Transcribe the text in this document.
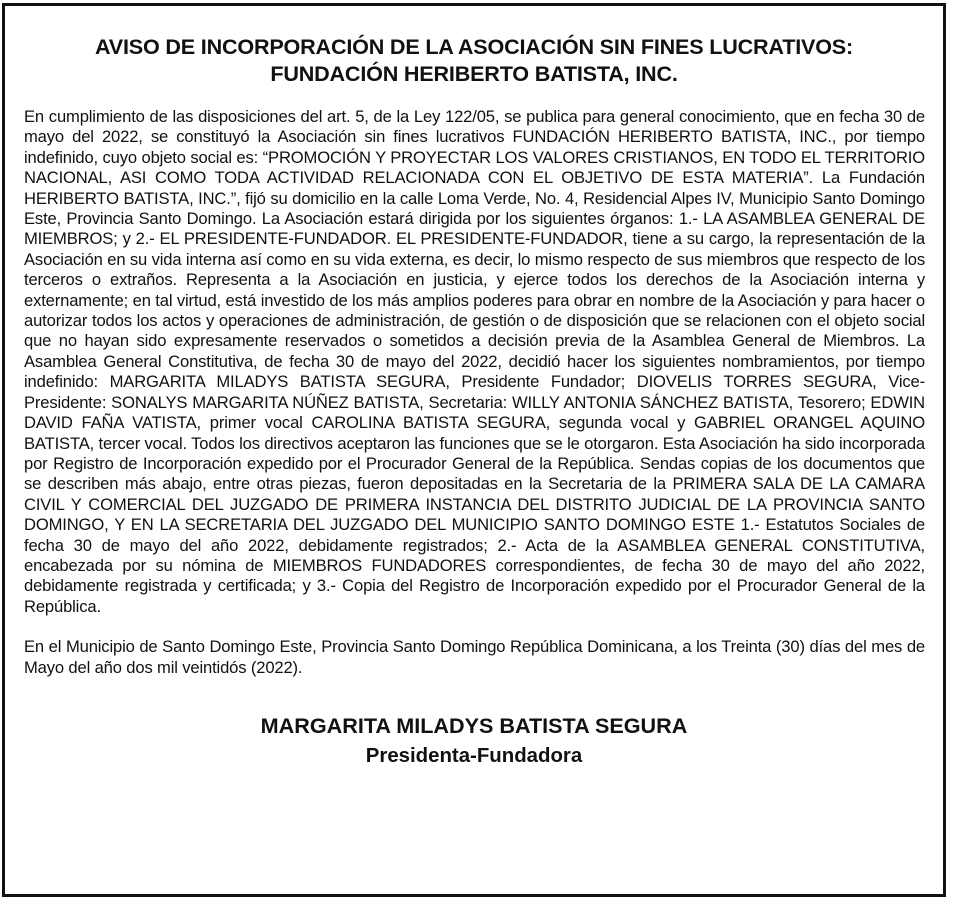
AVISO DE INCORPORACIÓN DE LA ASOCIACIÓN SIN FINES LUCRATIVOS:
FUNDACIÓN HERIBERTO BATISTA, INC.

En cumplimiento de las disposiciones del art. 5, de la Ley 122/05, se publica para general conocimiento, que en fecha 30 de mayo del 2022, se constituyó la Asociación sin fines lucrativos FUNDACIÓN HERIBERTO BATISTA, INC., por tiempo indefinido, cuyo objeto social es: “PROMOCIÓN Y PROYECTAR LOS VALORES CRISTIANOS, EN TODO EL TERRITORIO NACIONAL, ASI COMO TODA ACTIVIDAD RELACIONADA CON EL OBJETIVO DE ESTA MATERIA”. La Fundación HERIBERTO BATISTA, INC.”, fijó su domicilio en la calle Loma Verde, No. 4, Residencial Alpes IV, Municipio Santo Domingo Este, Provincia Santo Domingo. La Asociación estará dirigida por los siguientes órganos: 1.- LA ASAMBLEA GENERAL DE MIEMBROS; y 2.- EL PRESIDENTE-FUNDADOR. EL PRESIDENTE-FUNDADOR, tiene a su cargo, la representación de la Asociación en su vida interna así como en su vida externa, es decir, lo mismo respecto de sus miembros que respecto de los terceros o extraños. Representa a la Asociación en justicia, y ejerce todos los derechos de la Asociación interna y externamente; en tal virtud, está investido de los más amplios poderes para obrar en nombre de la Asociación y para hacer o autorizar todos los actos y operaciones de administración, de gestión o de disposición que se relacionen con el objeto social que no hayan sido expresamente reservados o sometidos a decisión previa de la Asamblea General de Miembros. La Asamblea General Constitutiva, de fecha 30 de mayo del 2022, decidió hacer los siguientes nombramientos, por tiempo indefinido: MARGARITA MILADYS BATISTA SEGURA, Presidente Fundador; DIOVELIS TORRES SEGURA, Vice-Presidente: SONALYS MARGARITA NÚÑEZ BATISTA, Secretaria: WILLY ANTONIA SÁNCHEZ BATISTA, Tesorero; EDWIN DAVID FAÑA VATISTA, primer vocal CAROLINA BATISTA SEGURA, segunda vocal y GABRIEL ORANGEL AQUINO BATISTA, tercer vocal. Todos los directivos aceptaron las funciones que se le otorgaron. Esta Asociación ha sido incorporada por Registro de Incorporación expedido por el Procurador General de la República. Sendas copias de los documentos que se describen más abajo, entre otras piezas, fueron depositadas en la Secretaria de la PRIMERA SALA DE LA CAMARA CIVIL Y COMERCIAL DEL JUZGADO DE PRIMERA INSTANCIA DEL DISTRITO JUDICIAL DE LA PROVINCIA SANTO DOMINGO, Y EN LA SECRETARIA DEL JUZGADO DEL MUNICIPIO SANTO DOMINGO ESTE 1.- Estatutos Sociales de fecha 30 de mayo del año 2022, debidamente registrados; 2.- Acta de la ASAMBLEA GENERAL CONSTITUTIVA, encabezada por su nómina de MIEMBROS FUNDADORES correspondientes, de fecha 30 de mayo del año 2022, debidamente registrada y certificada; y 3.- Copia del Registro de Incorporación expedido por el Procurador General de la República.

En el Municipio de Santo Domingo Este, Provincia Santo Domingo República Dominicana, a los Treinta (30) días del mes de Mayo del año dos mil veintidós (2022).

MARGARITA MILADYS BATISTA SEGURA
Presidenta-Fundadora
